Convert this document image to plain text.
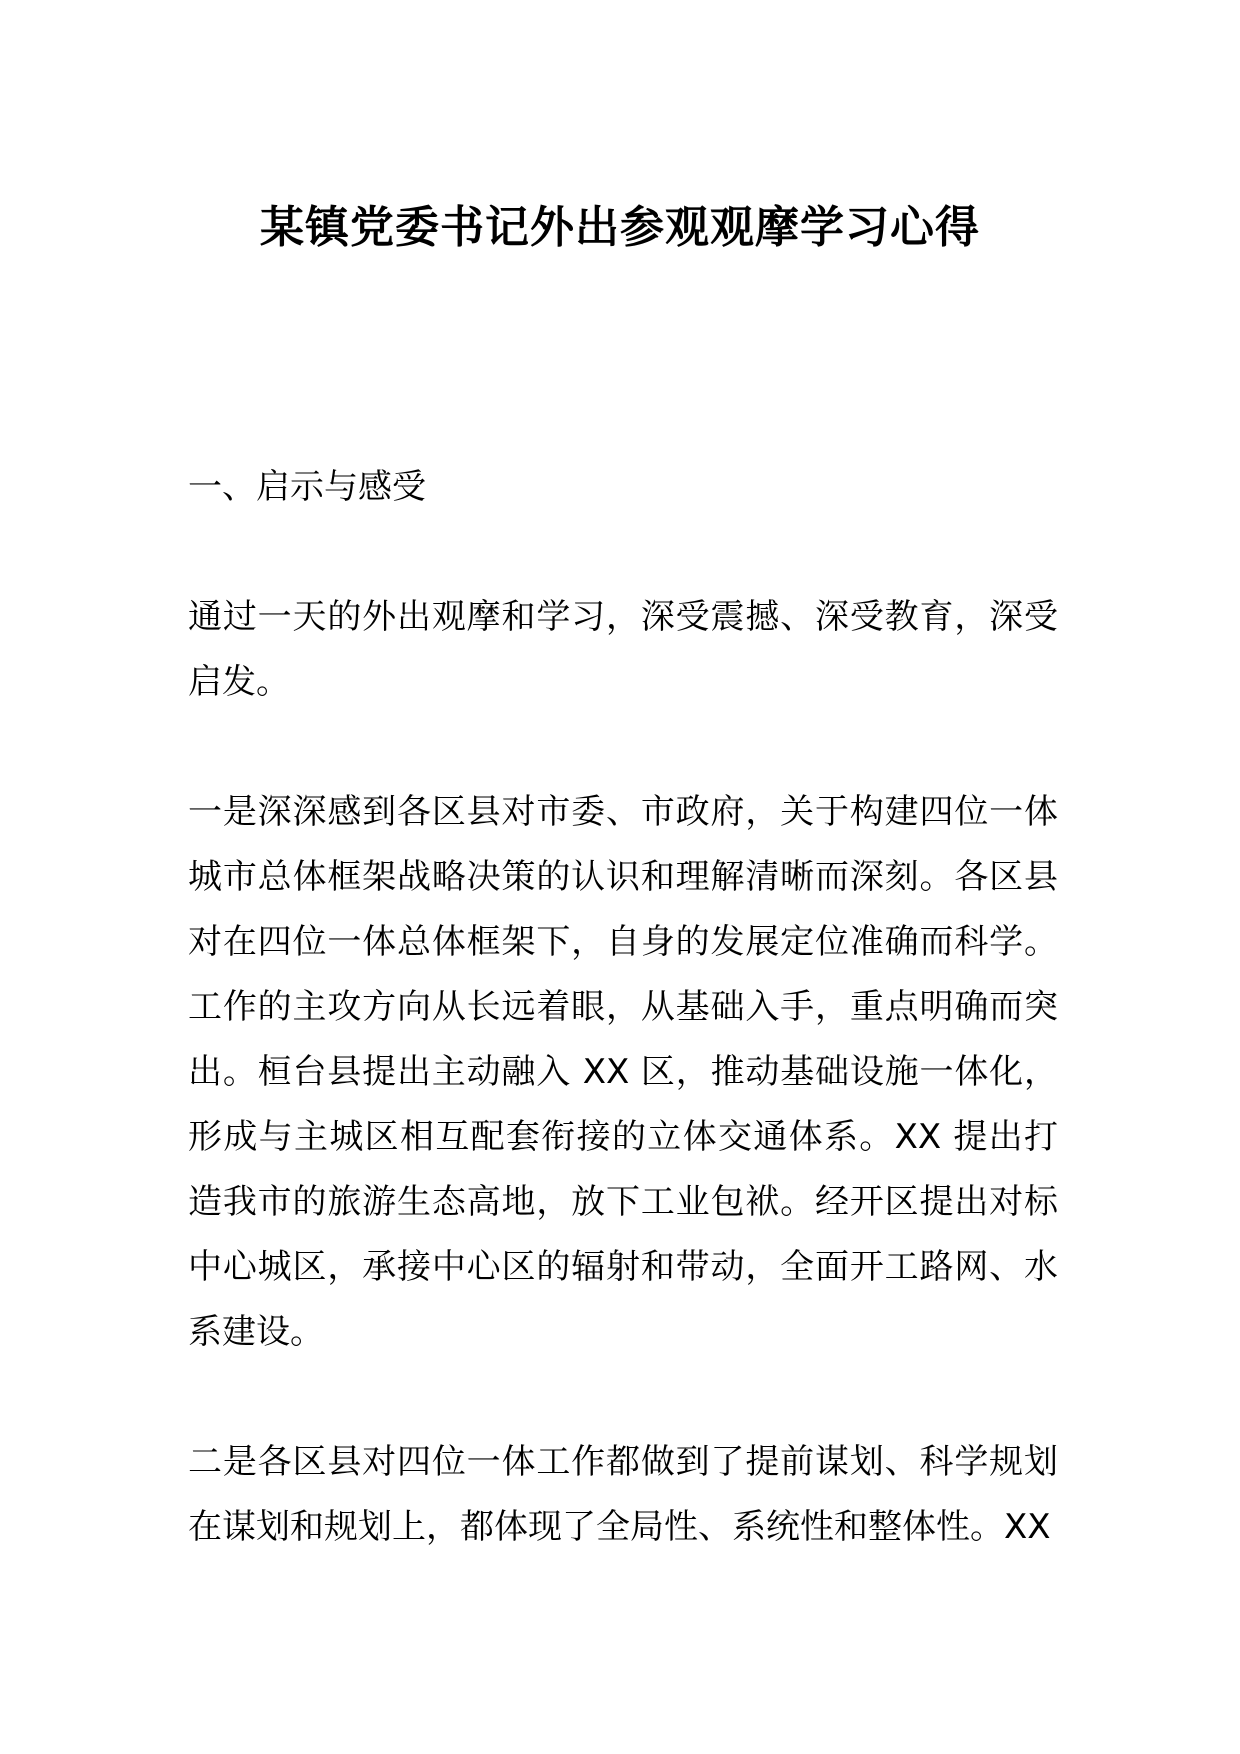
某镇党委书记外出参观观摩学习心得

一、启示与感受

通过一天的外出观摩和学习，深受震撼、深受教育，深受启发。

一是深深感到各区县对市委、市政府，关于构建四位一体城市总体框架战略决策的认识和理解清晰而深刻。各区县对在四位一体总体框架下，自身的发展定位准确而科学。工作的主攻方向从长远着眼，从基础入手，重点明确而突出。桓台县提出主动融入 XX 区，推动基础设施一体化，形成与主城区相互配套衔接的立体交通体系。XX 提出打造我市的旅游生态高地，放下工业包袱。经开区提出对标中心城区，承接中心区的辐射和带动，全面开工路网、水系建设。

二是各区县对四位一体工作都做到了提前谋划、科学规划在谋划和规划上，都体现了全局性、系统性和整体性。XX
